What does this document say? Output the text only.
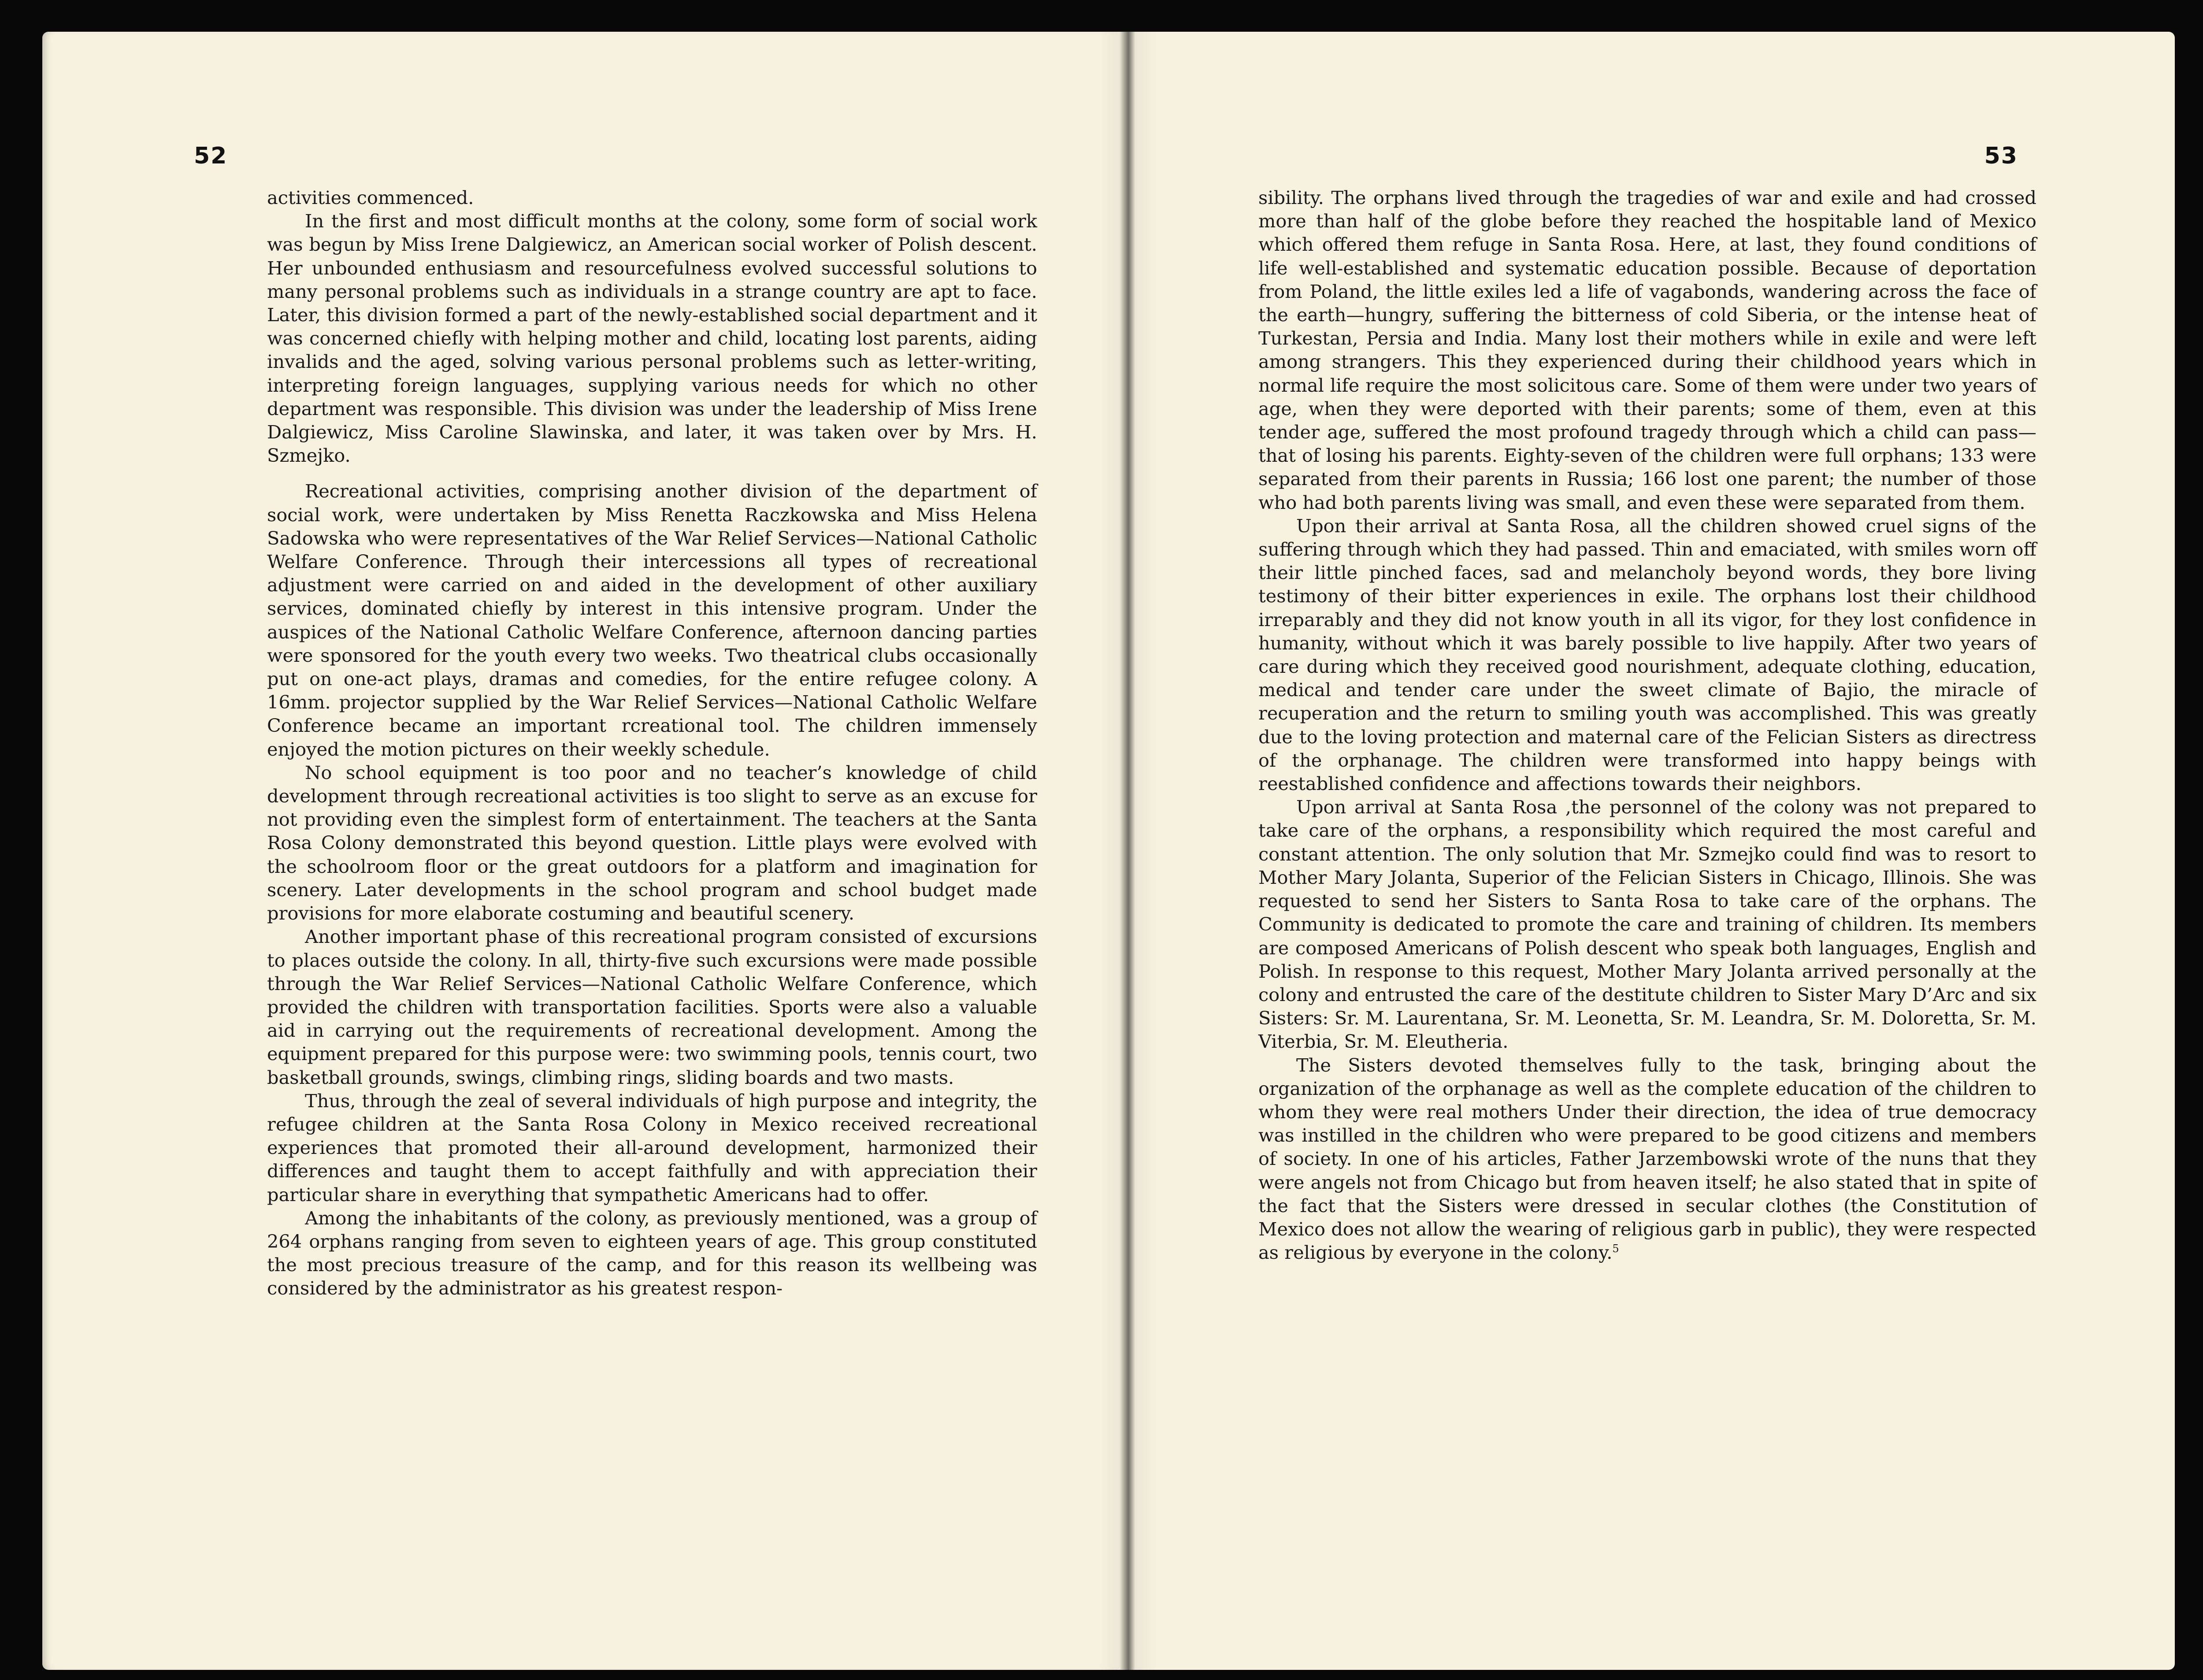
52

activities commenced.

In the first and most difficult months at the colony, some form of social work was begun by Miss Irene Dalgiewicz, an American social worker of Polish descent. Her unbounded enthusiasm and resourcefulness evolved successful solutions to many personal problems such as individuals in a strange country are apt to face. Later, this division formed a part of the newly-established social department and it was concerned chiefly with helping mother and child, locating lost parents, aiding invalids and the aged, solving various personal problems such as letter-writing, interpreting foreign languages, supplying various needs for which no other department was responsible. This division was under the leadership of Miss Irene Dalgiewicz, Miss Caroline Slawinska, and later, it was taken over by Mrs. H. Szmejko.

Recreational activities, comprising another division of the department of social work, were undertaken by Miss Renetta Raczkowska and Miss Helena Sadowska who were representatives of the War Relief Services—National Catholic Welfare Conference. Through their intercessions all types of recreational adjustment were carried on and aided in the development of other auxiliary services, dominated chiefly by interest in this intensive program. Under the auspices of the National Catholic Welfare Conference, afternoon dancing parties were sponsored for the youth every two weeks. Two theatrical clubs occasionally put on one-act plays, dramas and comedies, for the entire refugee colony. A 16mm. projector supplied by the War Relief Services—National Catholic Welfare Conference became an important rcreational tool. The children immensely enjoyed the motion pictures on their weekly schedule.

No school equipment is too poor and no teacher’s knowledge of child development through recreational activities is too slight to serve as an excuse for not providing even the simplest form of entertainment. The teachers at the Santa Rosa Colony demonstrated this beyond question. Little plays were evolved with the schoolroom floor or the great outdoors for a platform and imagination for scenery. Later developments in the school program and school budget made provisions for more elaborate costuming and beautiful scenery.

Another important phase of this recreational program consisted of excursions to places outside the colony. In all, thirty-five such excursions were made possible through the War Relief Services—National Catholic Welfare Conference, which provided the children with transportation facilities. Sports were also a valuable aid in carrying out the requirements of recreational development. Among the equipment prepared for this purpose were: two swimming pools, tennis court, two basketball grounds, swings, climbing rings, sliding boards and two masts.

Thus, through the zeal of several individuals of high purpose and integrity, the refugee children at the Santa Rosa Colony in Mexico received recreational experiences that promoted their all-around development, harmonized their differences and taught them to accept faithfully and with appreciation their particular share in everything that sympathetic Americans had to offer.

Among the inhabitants of the colony, as previously mentioned, was a group of 264 orphans ranging from seven to eighteen years of age. This group constituted the most precious treasure of the camp, and for this reason its wellbeing was considered by the administrator as his greatest respon-

53

sibility. The orphans lived through the tragedies of war and exile and had crossed more than half of the globe before they reached the hospitable land of Mexico which offered them refuge in Santa Rosa. Here, at last, they found conditions of life well-established and systematic education possible. Because of deportation from Poland, the little exiles led a life of vagabonds, wandering across the face of the earth—hungry, suffering the bitterness of cold Siberia, or the intense heat of Turkestan, Persia and India. Many lost their mothers while in exile and were left among strangers. This they experienced during their childhood years which in normal life require the most solicitous care. Some of them were under two years of age, when they were deported with their parents; some of them, even at this tender age, suffered the most profound tragedy through which a child can pass—that of losing his parents. Eighty-seven of the children were full orphans; 133 were separated from their parents in Russia; 166 lost one parent; the number of those who had both parents living was small, and even these were separated from them.

Upon their arrival at Santa Rosa, all the children showed cruel signs of the suffering through which they had passed. Thin and emaciated, with smiles worn off their little pinched faces, sad and melancholy beyond words, they bore living testimony of their bitter experiences in exile. The orphans lost their childhood irreparably and they did not know youth in all its vigor, for they lost confidence in humanity, without which it was barely possible to live happily. After two years of care during which they received good nourishment, adequate clothing, education, medical and tender care under the sweet climate of Bajio, the miracle of recuperation and the return to smiling youth was accomplished. This was greatly due to the loving protection and maternal care of the Felician Sisters as directress of the orphanage. The children were transformed into happy beings with reestablished confidence and affections towards their neighbors.

Upon arrival at Santa Rosa ,the personnel of the colony was not prepared to take care of the orphans, a responsibility which required the most careful and constant attention. The only solution that Mr. Szmejko could find was to resort to Mother Mary Jolanta, Superior of the Felician Sisters in Chicago, Illinois. She was requested to send her Sisters to Santa Rosa to take care of the orphans. The Community is dedicated to promote the care and training of children. Its members are composed Americans of Polish descent who speak both languages, English and Polish. In response to this request, Mother Mary Jolanta arrived personally at the colony and entrusted the care of the destitute children to Sister Mary D’Arc and six Sisters: Sr. M. Laurentana, Sr. M. Leonetta, Sr. M. Leandra, Sr. M. Doloretta, Sr. M. Viterbia, Sr. M. Eleutheria.

The Sisters devoted themselves fully to the task, bringing about the organization of the orphanage as well as the complete education of the children to whom they were real mothers Under their direction, the idea of true democracy was instilled in the children who were prepared to be good citizens and members of society. In one of his articles, Father Jarzembowski wrote of the nuns that they were angels not from Chicago but from heaven itself; he also stated that in spite of the fact that the Sisters were dressed in secular clothes (the Constitution of Mexico does not allow the wearing of religious garb in public), they were respected as religious by everyone in the colony.$^5$
